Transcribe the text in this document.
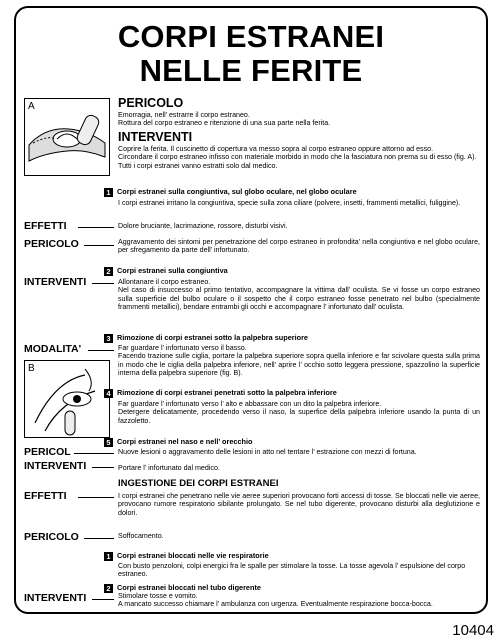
CORPI ESTRANEI
NELLE FERITE
A
B
PERICOLO
Emorragia, nell’ estrarre il corpo estraneo.
Rottura del corpo estraneo e ritenzione di una sua parte nella ferita.
INTERVENTI
Coprire la ferita. Il cuscinetto di copertura va messo sopra al corpo estraneo oppure attorno ad esso.
Circondare il corpo estraneo infisso con materiale morbido in modo che la fasciatura non prema su di esso (fig. A).
Tutti i corpi estranei vanno estratti solo dal medico.
1 Corpi estranei sulla congiuntiva, sul globo oculare, nel globo oculare
I corpi estranei irritano la congiuntiva, specie sulla zona ciliare (polvere, insetti, frammenti metallici, fuliggine).
EFFETTI	Dolore bruciante, lacrimazione, rossore, disturbi visivi.
PERICOLO	Aggravamento dei sintomi per penetrazione del corpo estraneo in profondita' nella congiuntiva e nel globo oculare, per sfregamento da parte dell’ infortunato.
2 Corpi estranei sulla congiuntiva
INTERVENTI	Allontanare il corpo estraneo.
Nel caso di insuccesso al primo tentativo, accompagnare la vittima dall’ oculista. Se vi fosse un corpo estraneo sulla superficie del bulbo oculare o il sospetto che il corpo estraneo fosse penetrato nel bulbo (specialmente frammenti metallici), bendare entrambi gli occhi e accompagnare l’ infortunato dall’ oculista.
3 Rimozione di corpi estranei sotto la palpebra superiore
MODALITA'	Far guardare l’ infortunato verso il basso.
Facendo trazione sulle ciglia, portare la palpebra superiore sopra quella inferiore e far scivolare questa sulla prima in modo che le ciglia della palpebra inferiore, nell’ aprire l’ occhio sotto leggera pressione, spazzolino la superficie interna della palpebra superiore (fig. B).
4 Rimozione di corpi estranei penetrati sotto la palpebra inferiore
Far guardare l’ infortunato verso l’ alto e abbassare con un dito la palpebra inferiore.
Detergere delicatamente, procedendo verso il naso, la superfice della palpebra inferiore usando la punta di un fazzoletto.
5 Corpi estranei nel naso e nell’ orecchio
PERICOL	Nuove lesioni o aggravamento delle lesioni in atto nel tentare l’ estrazione con mezzi di fortuna.
INTERVENTI	Portare l’ infortunato dal medico.
INGESTIONE DEI CORPI ESTRANEI
EFFETTI	I corpi estranei che penetrano nelle vie aeree superiori provocano forti accessi di tosse. Se bloccati nelle vie aeree, provocano rumore respiratorio sibilante prolungato. Se nel tubo digerente, provocano disturbi alla deglutizione e dolori.
PERICOLO	Soffocamento.
1 Corpi estranei bloccati nelle vie respiratorie
Con busto penzoloni, colpi energici fra le spalle per stimolare la tosse. La tosse agevola l’ espulsione del corpo estraneo.
2 Corpi estranei bloccati nel tubo digerente
INTERVENTI	Stimolare tosse e vomito.
A mancato successo chiamare l’ ambulanza con urgenza. Eventualmente respirazione bocca-bocca.
10404
